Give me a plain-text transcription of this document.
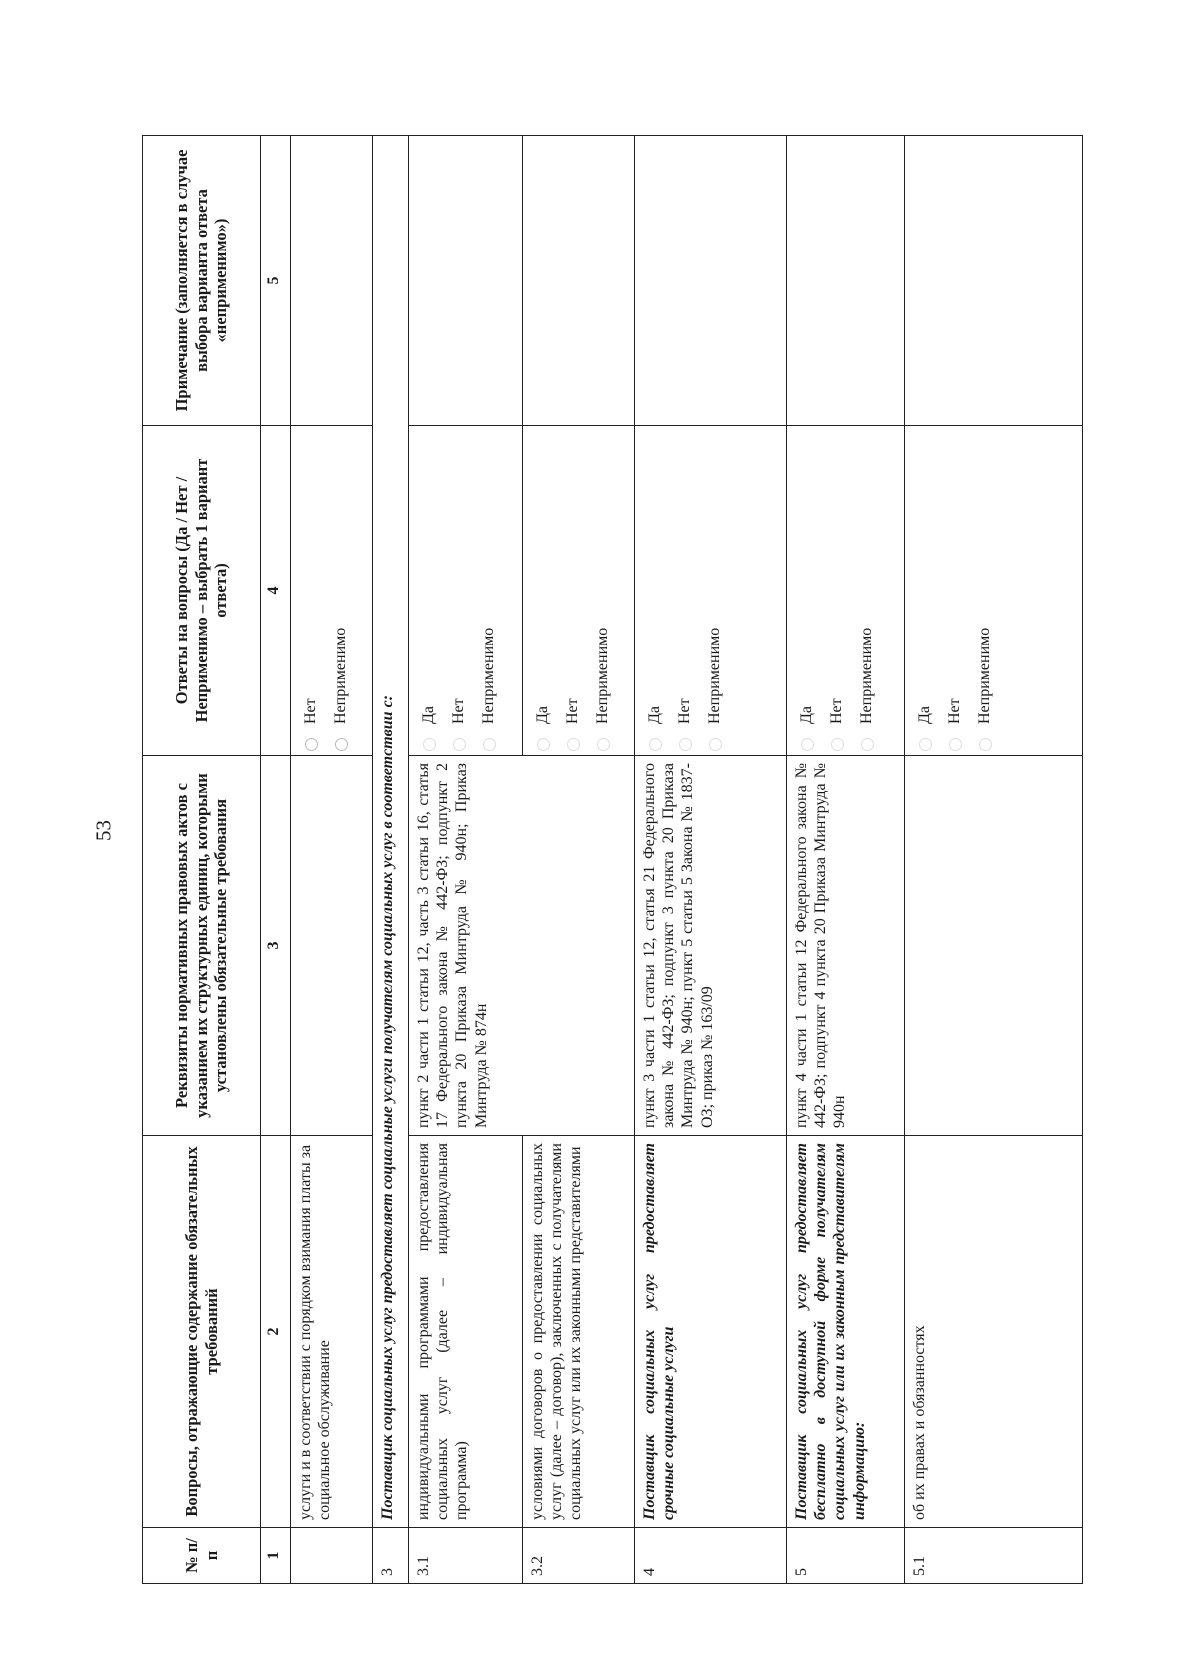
53
№ п/п	Вопросы, отражающие содержание обязательных требований	Реквизиты нормативных правовых актов с указанием их структурных единиц, которыми установлены обязательные требования	Ответы на вопросы (Да / Нет / Неприменимо – выбрать 1 вариант ответа)	Примечание (заполняется в случае выбора варианта ответа «неприменимо»)
1	2	3	4	5
	услуги и в соответствии с порядком взимания платы за социальное обслуживание		Нет Неприменимо	

3	Поставщик социальных услуг предоставляет социальные услуги получателям социальных услуг в соответствии с:			
3.1	индивидуальными программами предоставления социальных услуг (далее – индивидуальная программа)	пункт 2 части 1 статьи 12, часть 3 статьи 16, статья 17 Федерального закона № 442-ФЗ; подпункт 2 пункта 20 Приказа Минтруда № 940н; Приказ Минтруда № 874н	Да Нет Неприменимо	

3.2	условиями договоров о предоставлении социальных услуг (далее – договор), заключенных с получателями социальных услуг или их законными представителями		Да Нет Неприменимо	

4	Поставщик социальных услуг предоставляет срочные социальные услуги	пункт 3 части 1 статьи 12, статья 21 Федерального закона № 442-ФЗ; подпункт 3 пункта 20 Приказа Минтруда № 940н; пункт 5 статьи 5 Закона № 1837-ОЗ; приказ № 163/09	Да Нет Неприменимо	

5	Поставщик социальных услуг предоставляет бесплатно в доступной форме получателям социальных услуг или их законным представителям информацию:	пункт 4 части 1 статьи 12 Федерального закона № 442-ФЗ; подпункт 4 пункта 20 Приказа Минтруда № 940н	Да Нет Неприменимо	

5.1	об их правах и обязанностях		Да Нет Неприменимо	
